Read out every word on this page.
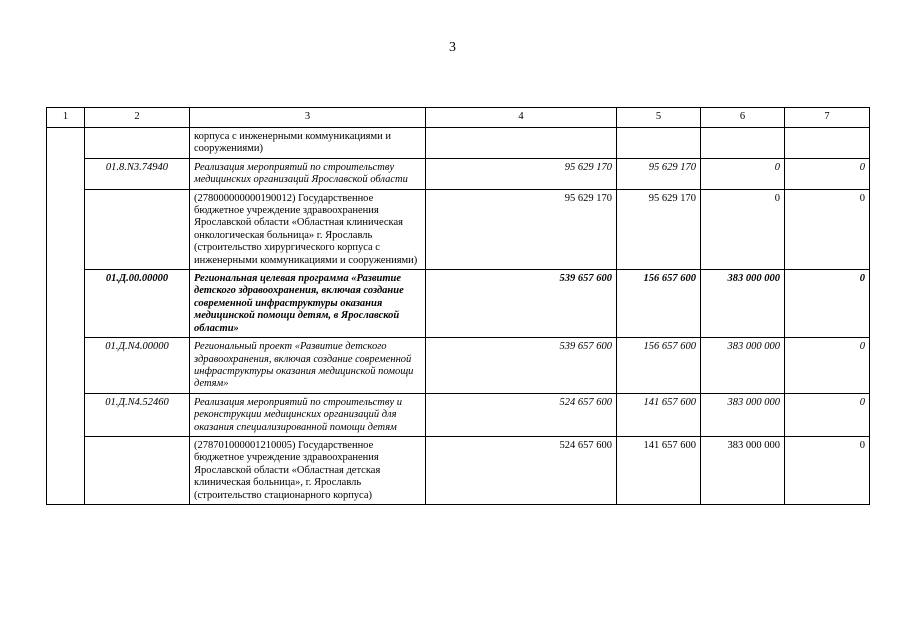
3
1	2	3	4	5	6	7
		корпуса с инженерными коммуникациями и сооружениями)				
	01.8.N3.74940	Реализация мероприятий по строительству медицинских организаций Ярославской области	95 629 170	95 629 170	0	0
		(278000000000190012) Государственное бюджетное учреждение здравоохранения Ярославской области «Областная клиническая онкологическая больница» г. Ярославль (строительство хирургического корпуса с инженерными коммуникациями и сооружениями)	95 629 170	95 629 170	0	0
	01.Д.00.00000	Региональная целевая программа «Развитие детского здравоохранения, включая создание современной инфраструктуры оказания медицинской помощи детям, в Ярославской области»	539 657 600	156 657 600	383 000 000	0
	01.Д.N4.00000	Региональный проект «Развитие детского здравоохранения, включая создание современной инфраструктуры оказания медицинской помощи детям»	539 657 600	156 657 600	383 000 000	0
	01.Д.N4.52460	Реализация мероприятий по строительству и реконструкции медицинских организаций для оказания специализированной помощи детям	524 657 600	141 657 600	383 000 000	0
		(278701000001210005) Государственное бюджетное учреждение здравоохранения Ярославской области «Областная детская клиническая больница», г. Ярославль (строительство стационарного корпуса)	524 657 600	141 657 600	383 000 000	0
